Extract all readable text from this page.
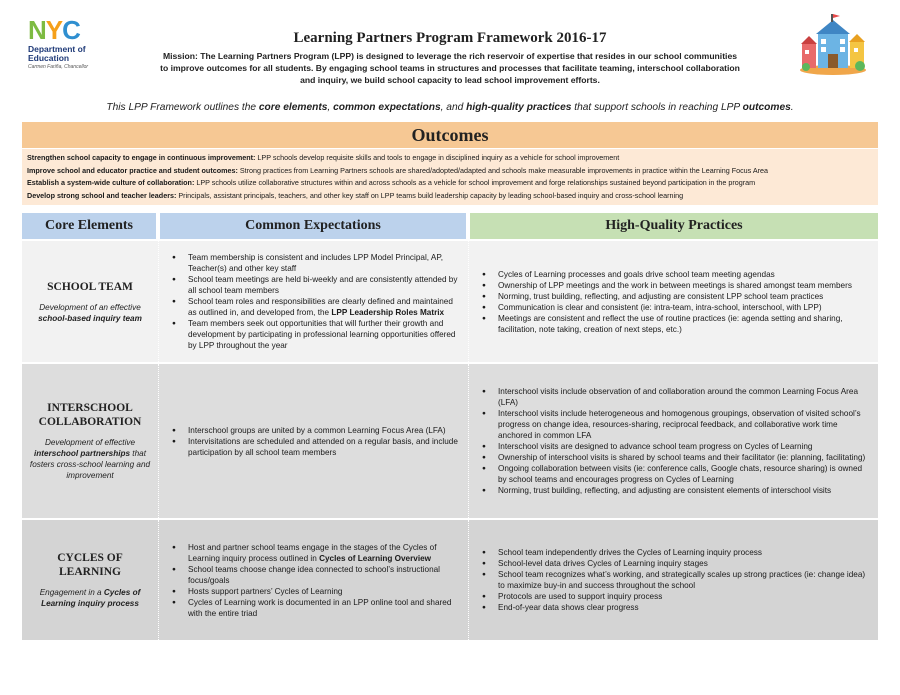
NYC
Department of
Education
Carmen Fariña, Chancellor
Learning Partners Program Framework 2016-17
Mission: The Learning Partners Program (LPP) is designed to leverage the rich reservoir of expertise that resides in our school communities to improve outcomes for all students. By engaging school teams in structures and processes that facilitate teaming, interschool collaboration and inquiry, we build school capacity to lead school improvement efforts.
This LPP Framework outlines the core elements, common expectations, and high-quality practices that support schools in reaching LPP outcomes.
Outcomes
Strengthen school capacity to engage in continuous improvement: LPP schools develop requisite skills and tools to engage in disciplined inquiry as a vehicle for school improvement
Improve school and educator practice and student outcomes: Strong practices from Learning Partners schools are shared/adopted/adapted and schools make measurable improvements in practice within the Learning Focus Area
Establish a system-wide culture of collaboration: LPP schools utilize collaborative structures within and across schools as a vehicle for school improvement and forge relationships sustained beyond participation in the program
Develop strong school and teacher leaders: Principals, assistant principals, teachers, and other key staff on LPP teams build leadership capacity by leading school-based inquiry and cross-school learning
Core Elements	Common Expectations	High-Quality Practices
SCHOOL TEAM
Development of an effective school-based inquiry team
● Team membership is consistent and includes LPP Model Principal, AP, Teacher(s) and other key staff
● School team meetings are held bi-weekly and are consistently attended by all school team members
● School team roles and responsibilities are clearly defined and maintained as outlined in, and developed from, the LPP Leadership Roles Matrix
● Team members seek out opportunities that will further their growth and development by participating in professional learning opportunities offered by LPP throughout the year
● Cycles of Learning processes and goals drive school team meeting agendas
● Ownership of LPP meetings and the work in between meetings is shared amongst team members
● Norming, trust building, reflecting, and adjusting are consistent LPP school team practices
● Communication is clear and consistent (ie: intra-team, intra-school, interschool, with LPP)
● Meetings are consistent and reflect the use of routine practices (ie: agenda setting and sharing, facilitation, note taking, creation of next steps, etc.)
INTERSCHOOL COLLABORATION
Development of effective interschool partnerships that fosters cross-school learning and improvement
● Interschool groups are united by a common Learning Focus Area (LFA)
● Intervisitations are scheduled and attended on a regular basis, and include participation by all school team members
● Interschool visits include observation of and collaboration around the common Learning Focus Area (LFA)
● Interschool visits include heterogeneous and homogenous groupings, observation of visited school’s progress on change idea, resources-sharing, reciprocal feedback, and collaborative work time anchored in common LFA
● Interschool visits are designed to advance school team progress on Cycles of Learning
● Ownership of interschool visits is shared by school teams and their facilitator (ie: planning, facilitating)
● Ongoing collaboration between visits (ie: conference calls, Google chats, resource sharing) is owned by school teams and encourages progress on Cycles of Learning
● Norming, trust building, reflecting, and adjusting are consistent elements of interschool visits
CYCLES OF LEARNING
Engagement in a Cycles of Learning inquiry process
● Host and partner school teams engage in the stages of the Cycles of Learning inquiry process outlined in Cycles of Learning Overview
● School teams choose change idea connected to school’s instructional focus/goals
● Hosts support partners’ Cycles of Learning
● Cycles of Learning work is documented in an LPP online tool and shared with the entire triad
● School team independently drives the Cycles of Learning inquiry process
● School-level data drives Cycles of Learning inquiry stages
● School team recognizes what’s working, and strategically scales up strong practices (ie: change idea) to maximize buy-in and success throughout the school
● Protocols are used to support inquiry process
● End-of-year data shows clear progress
